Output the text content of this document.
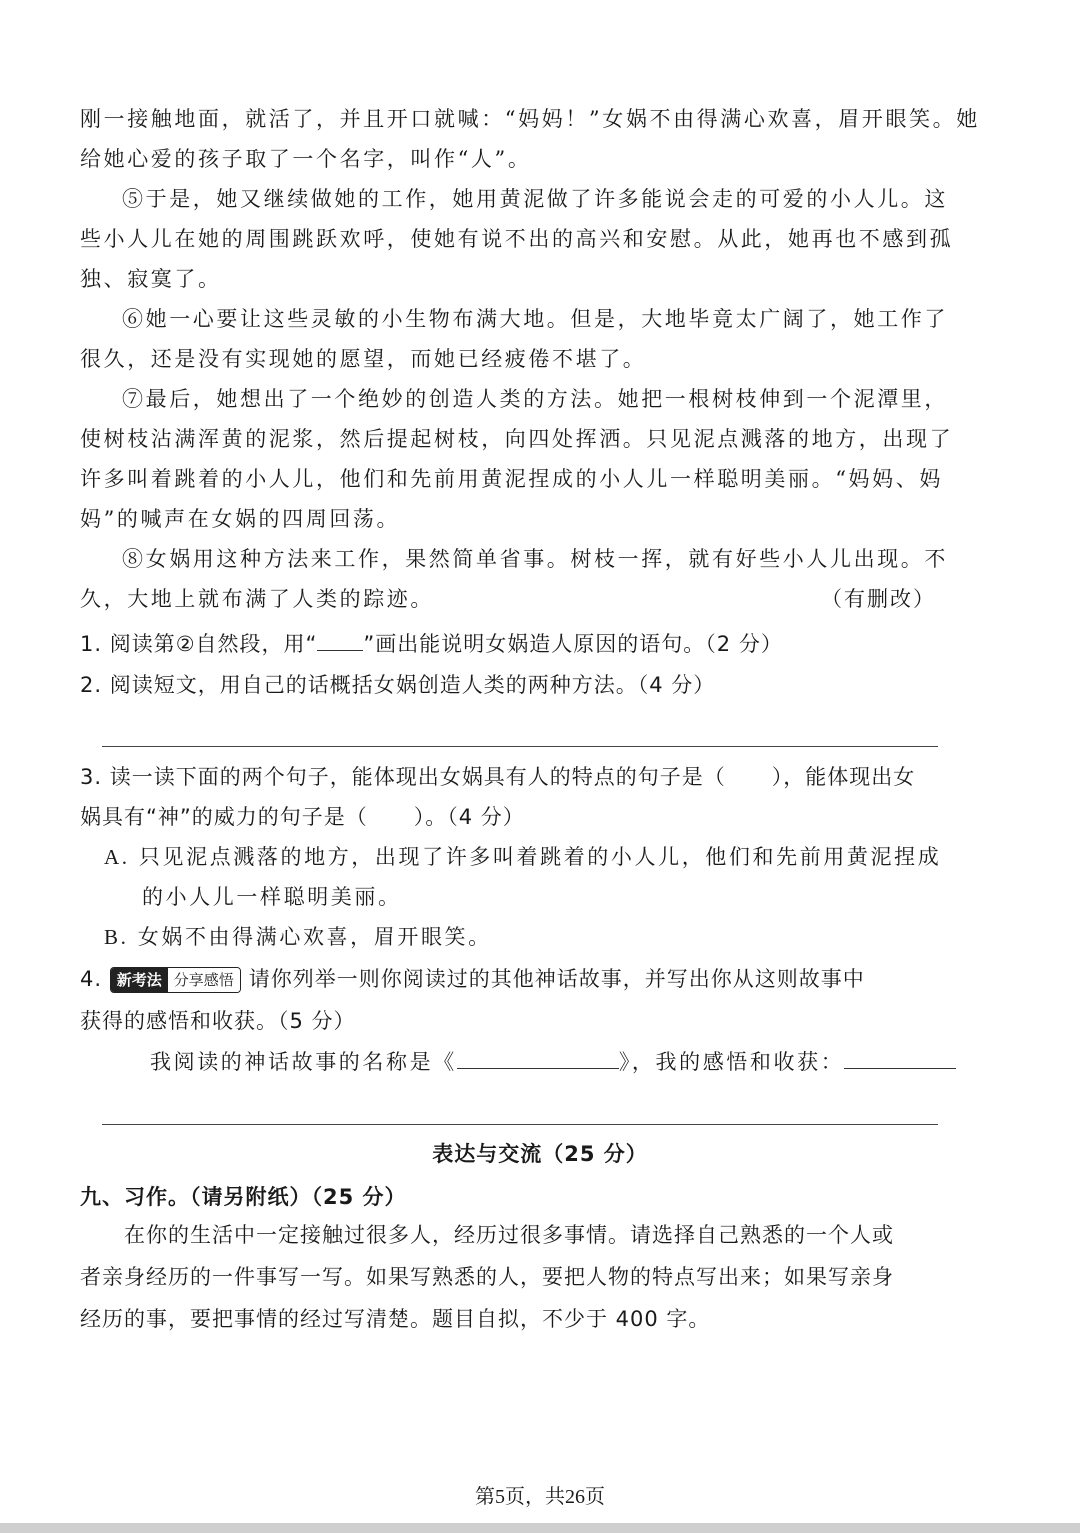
刚一接触地面，就活了，并且开口就喊：“妈妈！”女娲不由得满心欢喜，眉开眼笑。她
给她心爱的孩子取了一个名字，叫作“人”。
⑤于是，她又继续做她的工作，她用黄泥做了许多能说会走的可爱的小人儿。这
些小人儿在她的周围跳跃欢呼，使她有说不出的高兴和安慰。从此，她再也不感到孤
独、寂寞了。
⑥她一心要让这些灵敏的小生物布满大地。但是，大地毕竟太广阔了，她工作了
很久，还是没有实现她的愿望，而她已经疲倦不堪了。
⑦最后，她想出了一个绝妙的创造人类的方法。她把一根树枝伸到一个泥潭里，
使树枝沾满浑黄的泥浆，然后提起树枝，向四处挥洒。只见泥点溅落的地方，出现了
许多叫着跳着的小人儿，他们和先前用黄泥捏成的小人儿一样聪明美丽。“妈妈、妈
妈”的喊声在女娲的四周回荡。
⑧女娲用这种方法来工作，果然简单省事。树枝一挥，就有好些小人儿出现。不
久，大地上就布满了人类的踪迹。	（有删改）
1. 阅读第②自然段，用“ ”画出能说明女娲造人原因的语句。（2 分）
2. 阅读短文，用自己的话概括女娲创造人类的两种方法。（4 分）
3. 读一读下面的两个句子，能体现出女娲具有人的特点的句子是（ ），能体现出女
娲具有“神”的威力的句子是（ ）。（4 分）
A. 只见泥点溅落的地方，出现了许多叫着跳着的小人儿，他们和先前用黄泥捏成
的小人儿一样聪明美丽。
B. 女娲不由得满心欢喜，眉开眼笑。
4. 新考法 分享感悟 请你列举一则你阅读过的其他神话故事，并写出你从这则故事中
获得的感悟和收获。（5 分）
我阅读的神话故事的名称是《	》，我的感悟和收获：
表达与交流（25 分）
九、习作。（请另附纸）（25 分）
在你的生活中一定接触过很多人，经历过很多事情。请选择自己熟悉的一个人或
者亲身经历的一件事写一写。如果写熟悉的人，要把人物的特点写出来；如果写亲身
经历的事，要把事情的经过写清楚。题目自拟，不少于 400 字。
第5页，共26页
